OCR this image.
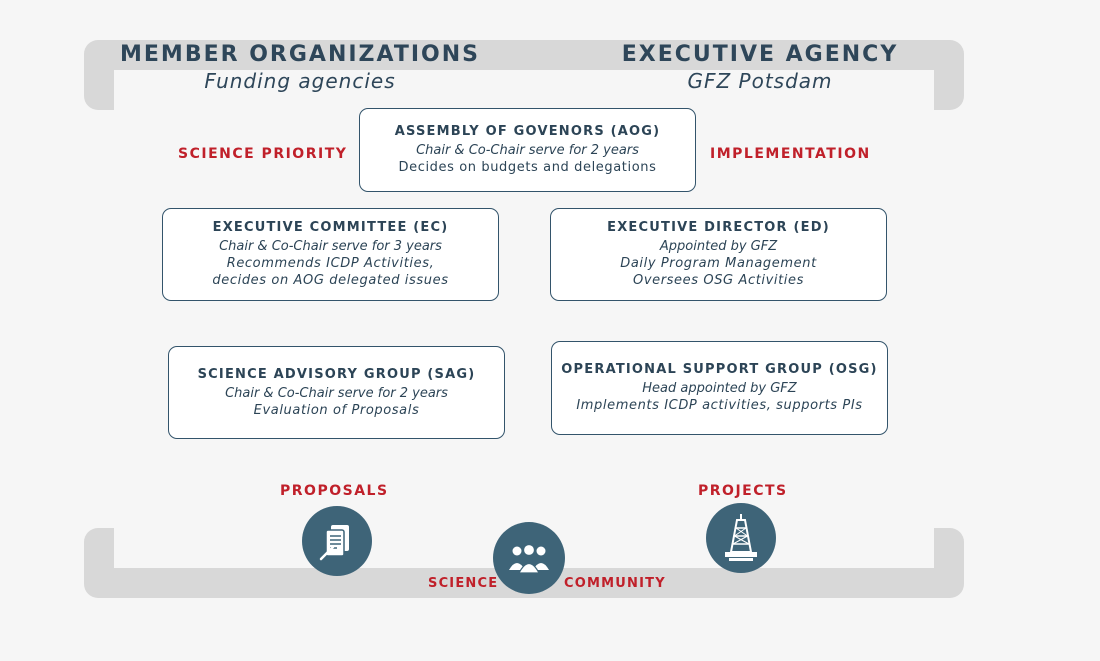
MEMBER ORGANIZATIONS
Funding agencies
EXECUTIVE AGENCY
GFZ Potsdam
SCIENCE PRIORITY	IMPLEMENTATION
ASSEMBLY OF GOVENORS (AOG)
Chair & Co-Chair serve for 2 years
Decides on budgets and delegations
EXECUTIVE COMMITTEE (EC)
Chair & Co-Chair serve for 3 years
Recommends ICDP Activities,
decides on AOG delegated issues
EXECUTIVE DIRECTOR (ED)
Appointed by GFZ
Daily Program Management
Oversees OSG Activities
SCIENCE ADVISORY GROUP (SAG)
Chair & Co-Chair serve for 2 years
Evaluation of Proposals
OPERATIONAL SUPPORT GROUP (OSG)
Head appointed by GFZ
Implements ICDP activities, supports PIs
PROPOSALS	PROJECTS
SCIENCE	COMMUNITY
